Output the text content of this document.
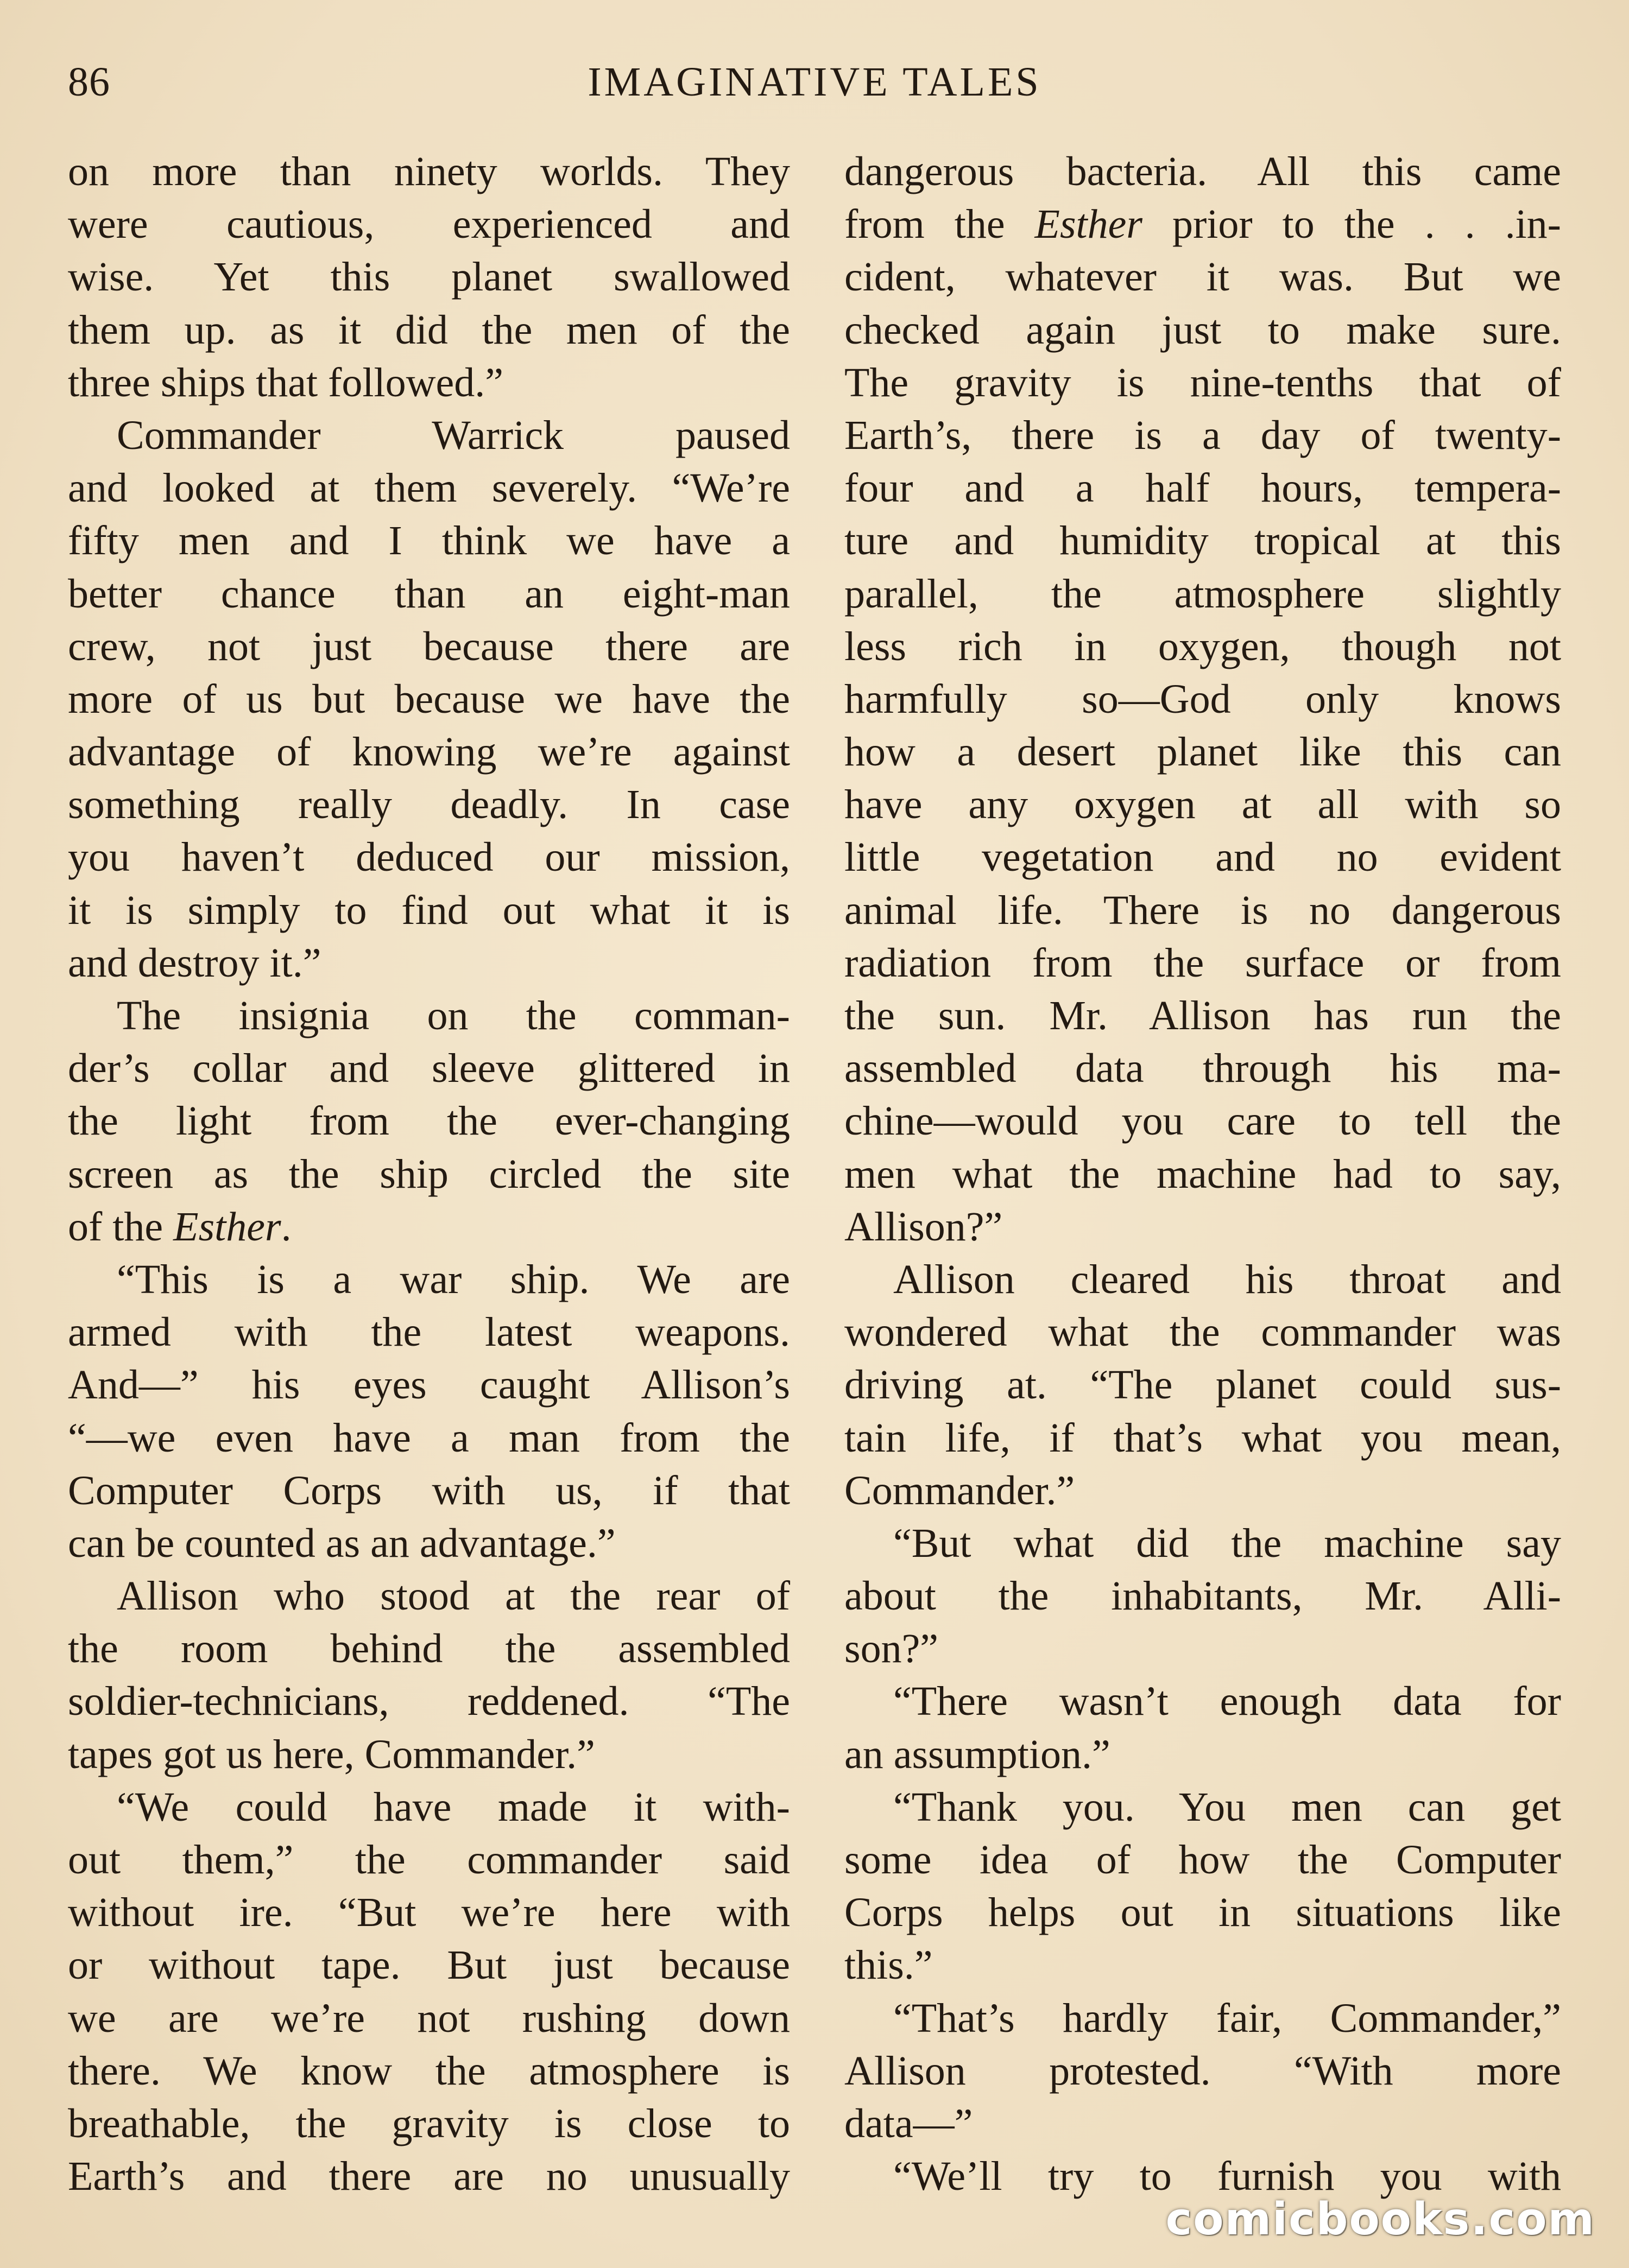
86	IMAGINATIVE TALES
on more than ninety worlds. They
were cautious, experienced and
wise. Yet this planet swallowed
them up. as it did the men of the
three ships that followed.”
Commander Warrick paused
and looked at them severely. “We’re
fifty men and I think we have a
better chance than an eight-man
crew, not just because there are
more of us but because we have the
advantage of knowing we’re against
something really deadly. In case
you haven’t deduced our mission,
it is simply to find out what it is
and destroy it.”
The insignia on the comman-
der’s collar and sleeve glittered in
the light from the ever-changing
screen as the ship circled the site
of the Esther.
“This is a war ship. We are
armed with the latest weapons.
And—” his eyes caught Allison’s
“—we even have a man from the
Computer Corps with us, if that
can be counted as an advantage.”
Allison who stood at the rear of
the room behind the assembled
soldier-technicians, reddened. “The
tapes got us here, Commander.”
“We could have made it with-
out them,” the commander said
without ire. “But we’re here with
or without tape. But just because
we are we’re not rushing down
there. We know the atmosphere is
breathable, the gravity is close to
Earth’s and there are no unusually
dangerous bacteria. All this came
from the Esther prior to the . . .in-
cident, whatever it was. But we
checked again just to make sure.
The gravity is nine-tenths that of
Earth’s, there is a day of twenty-
four and a half hours, tempera-
ture and humidity tropical at this
parallel, the atmosphere slightly
less rich in oxygen, though not
harmfully so—God only knows
how a desert planet like this can
have any oxygen at all with so
little vegetation and no evident
animal life. There is no dangerous
radiation from the surface or from
the sun. Mr. Allison has run the
assembled data through his ma-
chine—would you care to tell the
men what the machine had to say,
Allison?”
Allison cleared his throat and
wondered what the commander was
driving at. “The planet could sus-
tain life, if that’s what you mean,
Commander.”
“But what did the machine say
about the inhabitants, Mr. Alli-
son?”
“There wasn’t enough data for
an assumption.”
“Thank you. You men can get
some idea of how the Computer
Corps helps out in situations like
this.”
“That’s hardly fair, Commander,”
Allison protested. “With more
data—”
“We’ll try to furnish you with
comicbooks.com
